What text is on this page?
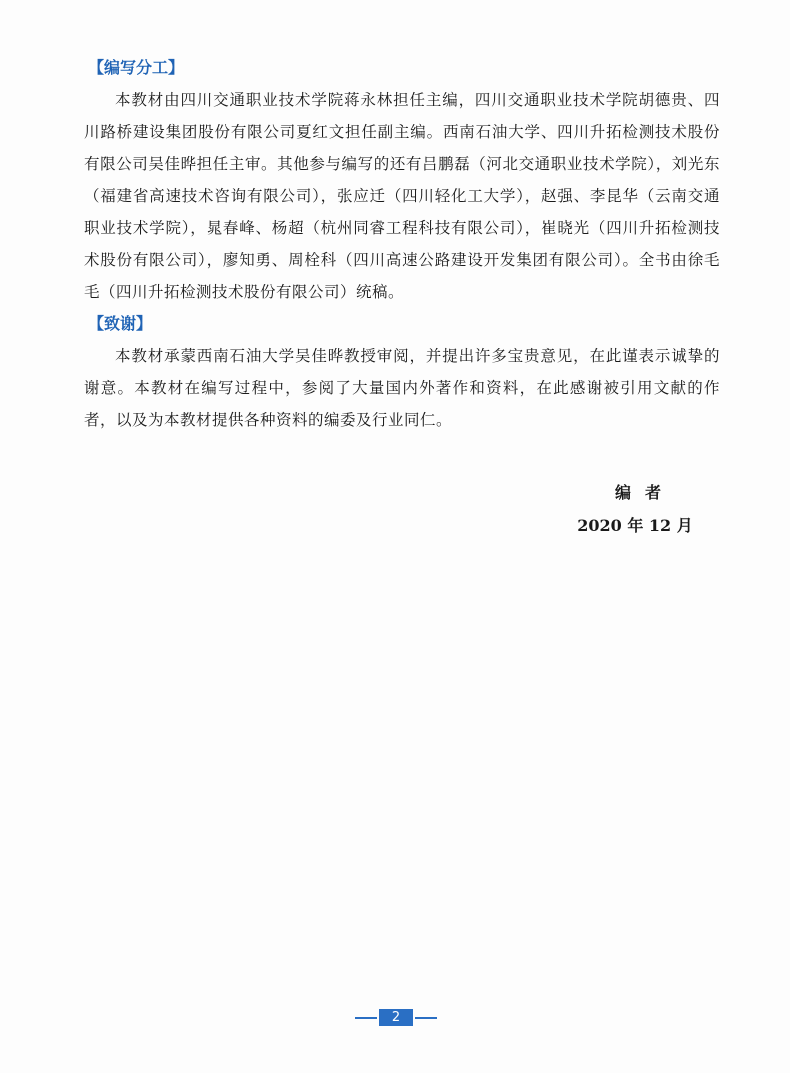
【编写分工】

本教材由四川交通职业技术学院蒋永林担任主编，四川交通职业技术学院胡德贵、四川路桥建设集团股份有限公司夏红文担任副主编。西南石油大学、四川升拓检测技术股份有限公司吴佳晔担任主审。其他参与编写的还有吕鹏磊（河北交通职业技术学院），刘光东（福建省高速技术咨询有限公司），张应迁（四川轻化工大学），赵强、李昆华（云南交通职业技术学院），晁春峰、杨超（杭州同睿工程科技有限公司），崔晓光（四川升拓检测技术股份有限公司），廖知勇、周栓科（四川高速公路建设开发集团有限公司）。全书由徐毛毛（四川升拓检测技术股份有限公司）统稿。

【致谢】

本教材承蒙西南石油大学吴佳晔教授审阅，并提出许多宝贵意见，在此谨表示诚挚的谢意。本教材在编写过程中，参阅了大量国内外著作和资料，在此感谢被引用文献的作者，以及为本教材提供各种资料的编委及行业同仁。

编者
2020 年 12 月
2
